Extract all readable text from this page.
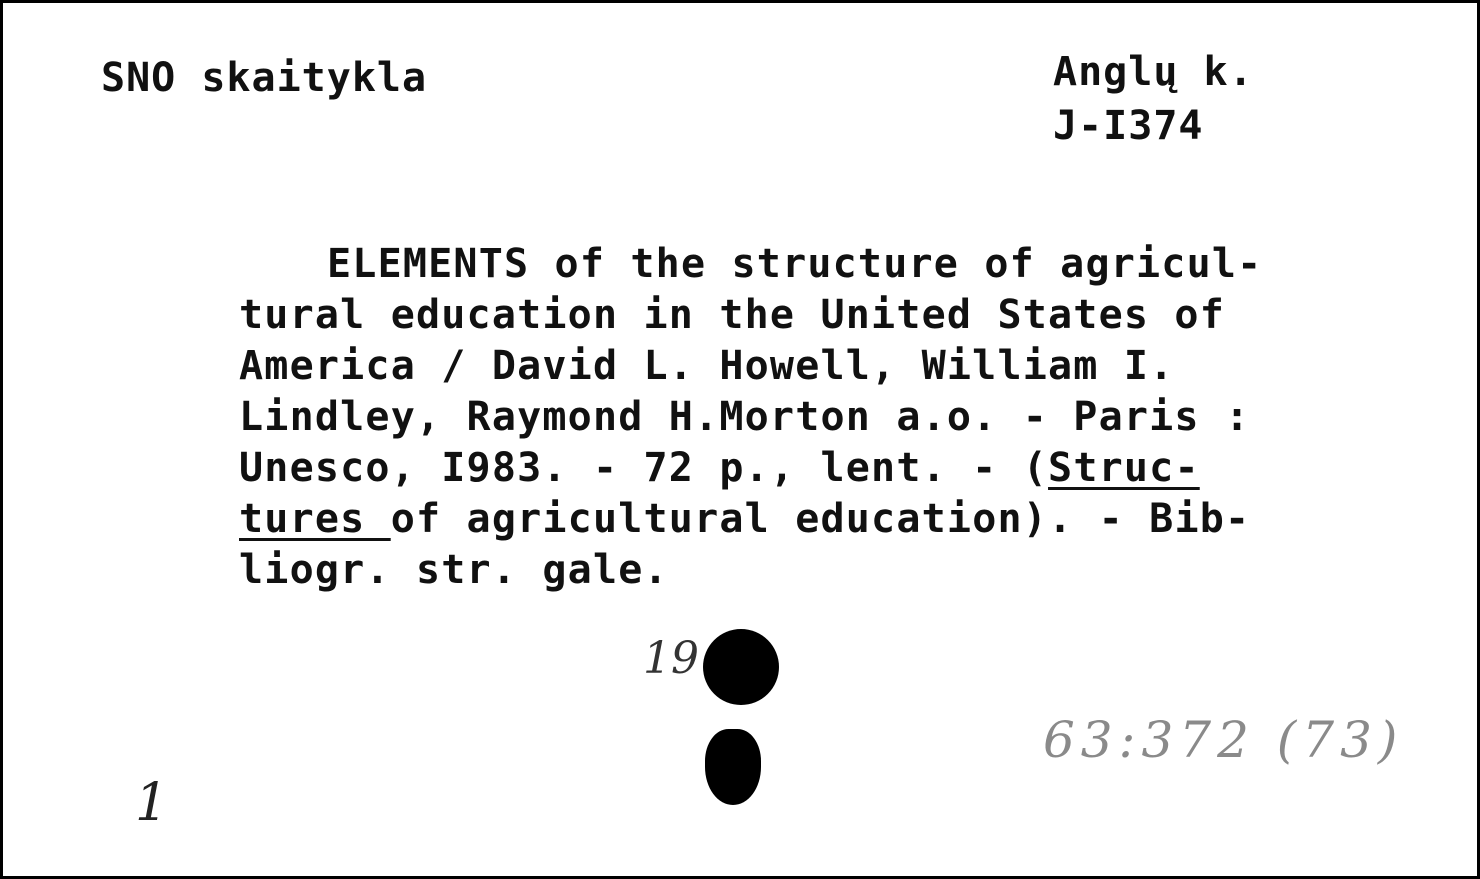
SNO skaitykla	Anglų k.
J-I374
ELEMENTS of the structure of agricul-
tural education in the United States of
America / David L. Howell, William I.
Lindley, Raymond H.Morton a.o. - Paris :
Unesco, I983. - 72 p., lent. - (Struc-
tures of agricultural education). - Bib-
liogr. str. gale.
19
1
63:372 (73)
